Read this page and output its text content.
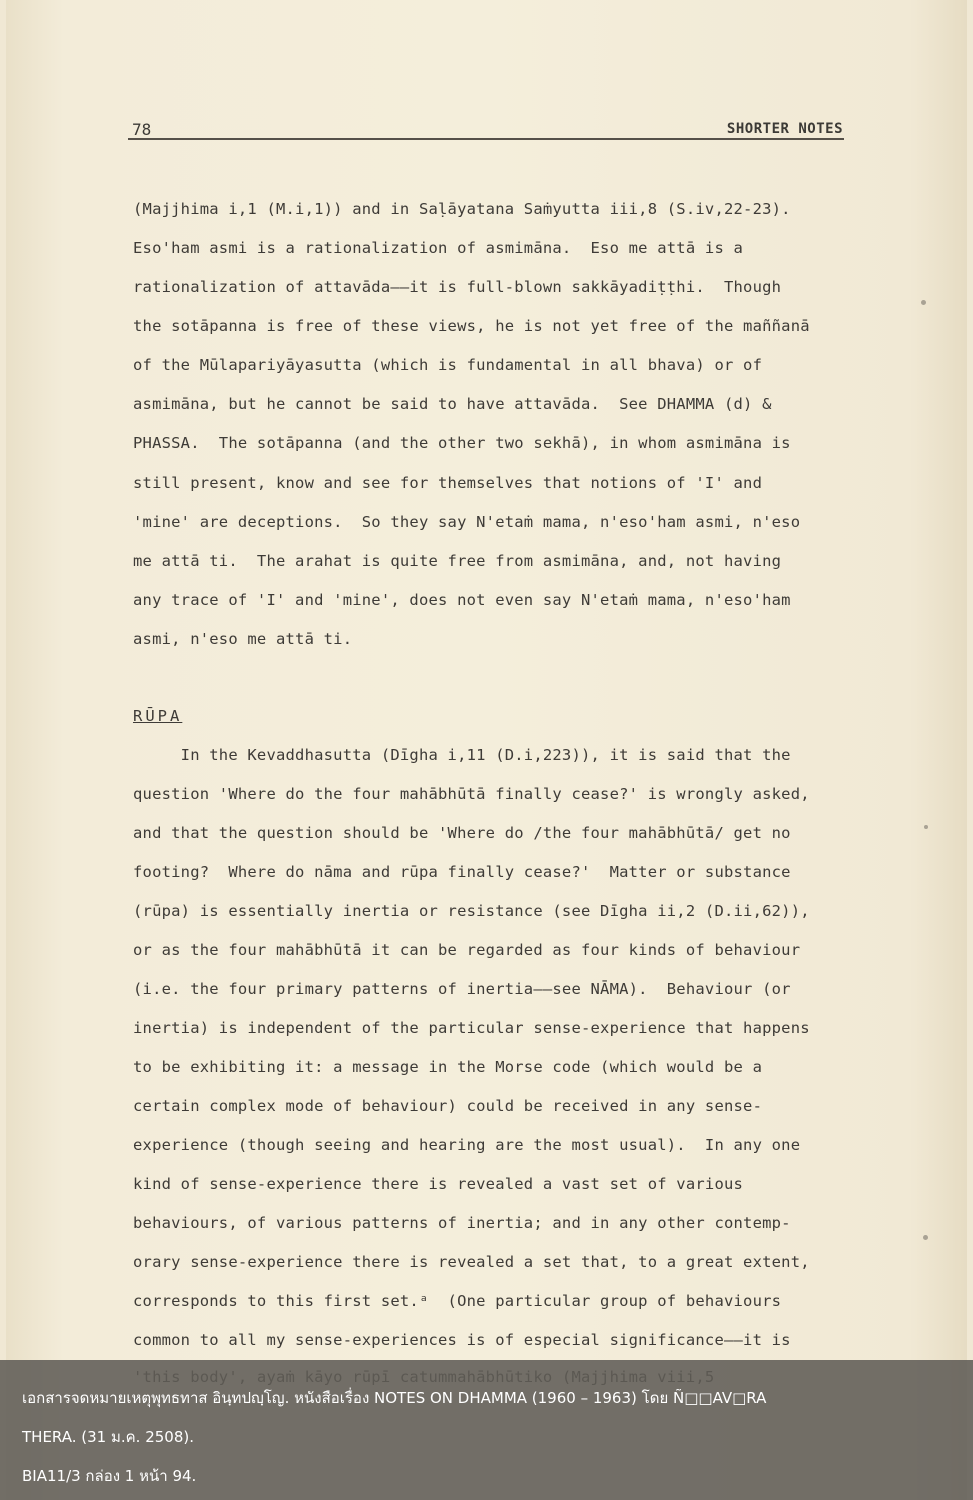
78	SHORTER NOTES
(Majjhima i,1 (M.i,1)) and in Saḷāyatana Saṁyutta iii,8 (S.iv,22-23).
Eso'ham asmi is a rationalization of asmimāna.  Eso me attā is a
rationalization of attavāda——it is full-blown sakkāyadiṭṭhi.  Though
the sotāpanna is free of these views, he is not yet free of the maññanā
of the Mūlapariyāyasutta (which is fundamental in all bhava) or of
asmimāna, but he cannot be said to have attavāda.  See DHAMMA (d) &
PHASSA.  The sotāpanna (and the other two sekhā), in whom asmimāna is
still present, know and see for themselves that notions of 'I' and
'mine' are deceptions.  So they say N'etaṁ mama, n'eso'ham asmi, n'eso
me attā ti.  The arahat is quite free from asmimāna, and, not having
any trace of 'I' and 'mine', does not even say N'etaṁ mama, n'eso'ham
asmi, n'eso me attā ti.
RŪPA
In the Kevaddhasutta (Dīgha i,11 (D.i,223)), it is said that the
question 'Where do the four mahābhūtā finally cease?' is wrongly asked,
and that the question should be 'Where do /the four mahābhūtā/ get no
footing?  Where do nāma and rūpa finally cease?'  Matter or substance
(rūpa) is essentially inertia or resistance (see Dīgha ii,2 (D.ii,62)),
or as the four mahābhūtā it can be regarded as four kinds of behaviour
(i.e. the four primary patterns of inertia——see NĀMA).  Behaviour (or
inertia) is independent of the particular sense-experience that happens
to be exhibiting it: a message in the Morse code (which would be a
certain complex mode of behaviour) could be received in any sense-
experience (though seeing and hearing are the most usual).  In any one
kind of sense-experience there is revealed a vast set of various
behaviours, of various patterns of inertia; and in any other contemp-
orary sense-experience there is revealed a set that, to a great extent,
corresponds to this first set.ᵃ  (One particular group of behaviours
common to all my sense-experiences is of especial significance——it is
เอกสารจดหมายเหตุพุทธทาส อินฺทปญฺโญ. หนังสือเรื่อง NOTES ON DHAMMA (1960 – 1963) โดย Ñ□□AV□RA
THERA. (31 ม.ค. 2508).
BIA11/3 กล่อง 1 หน้า 94.
